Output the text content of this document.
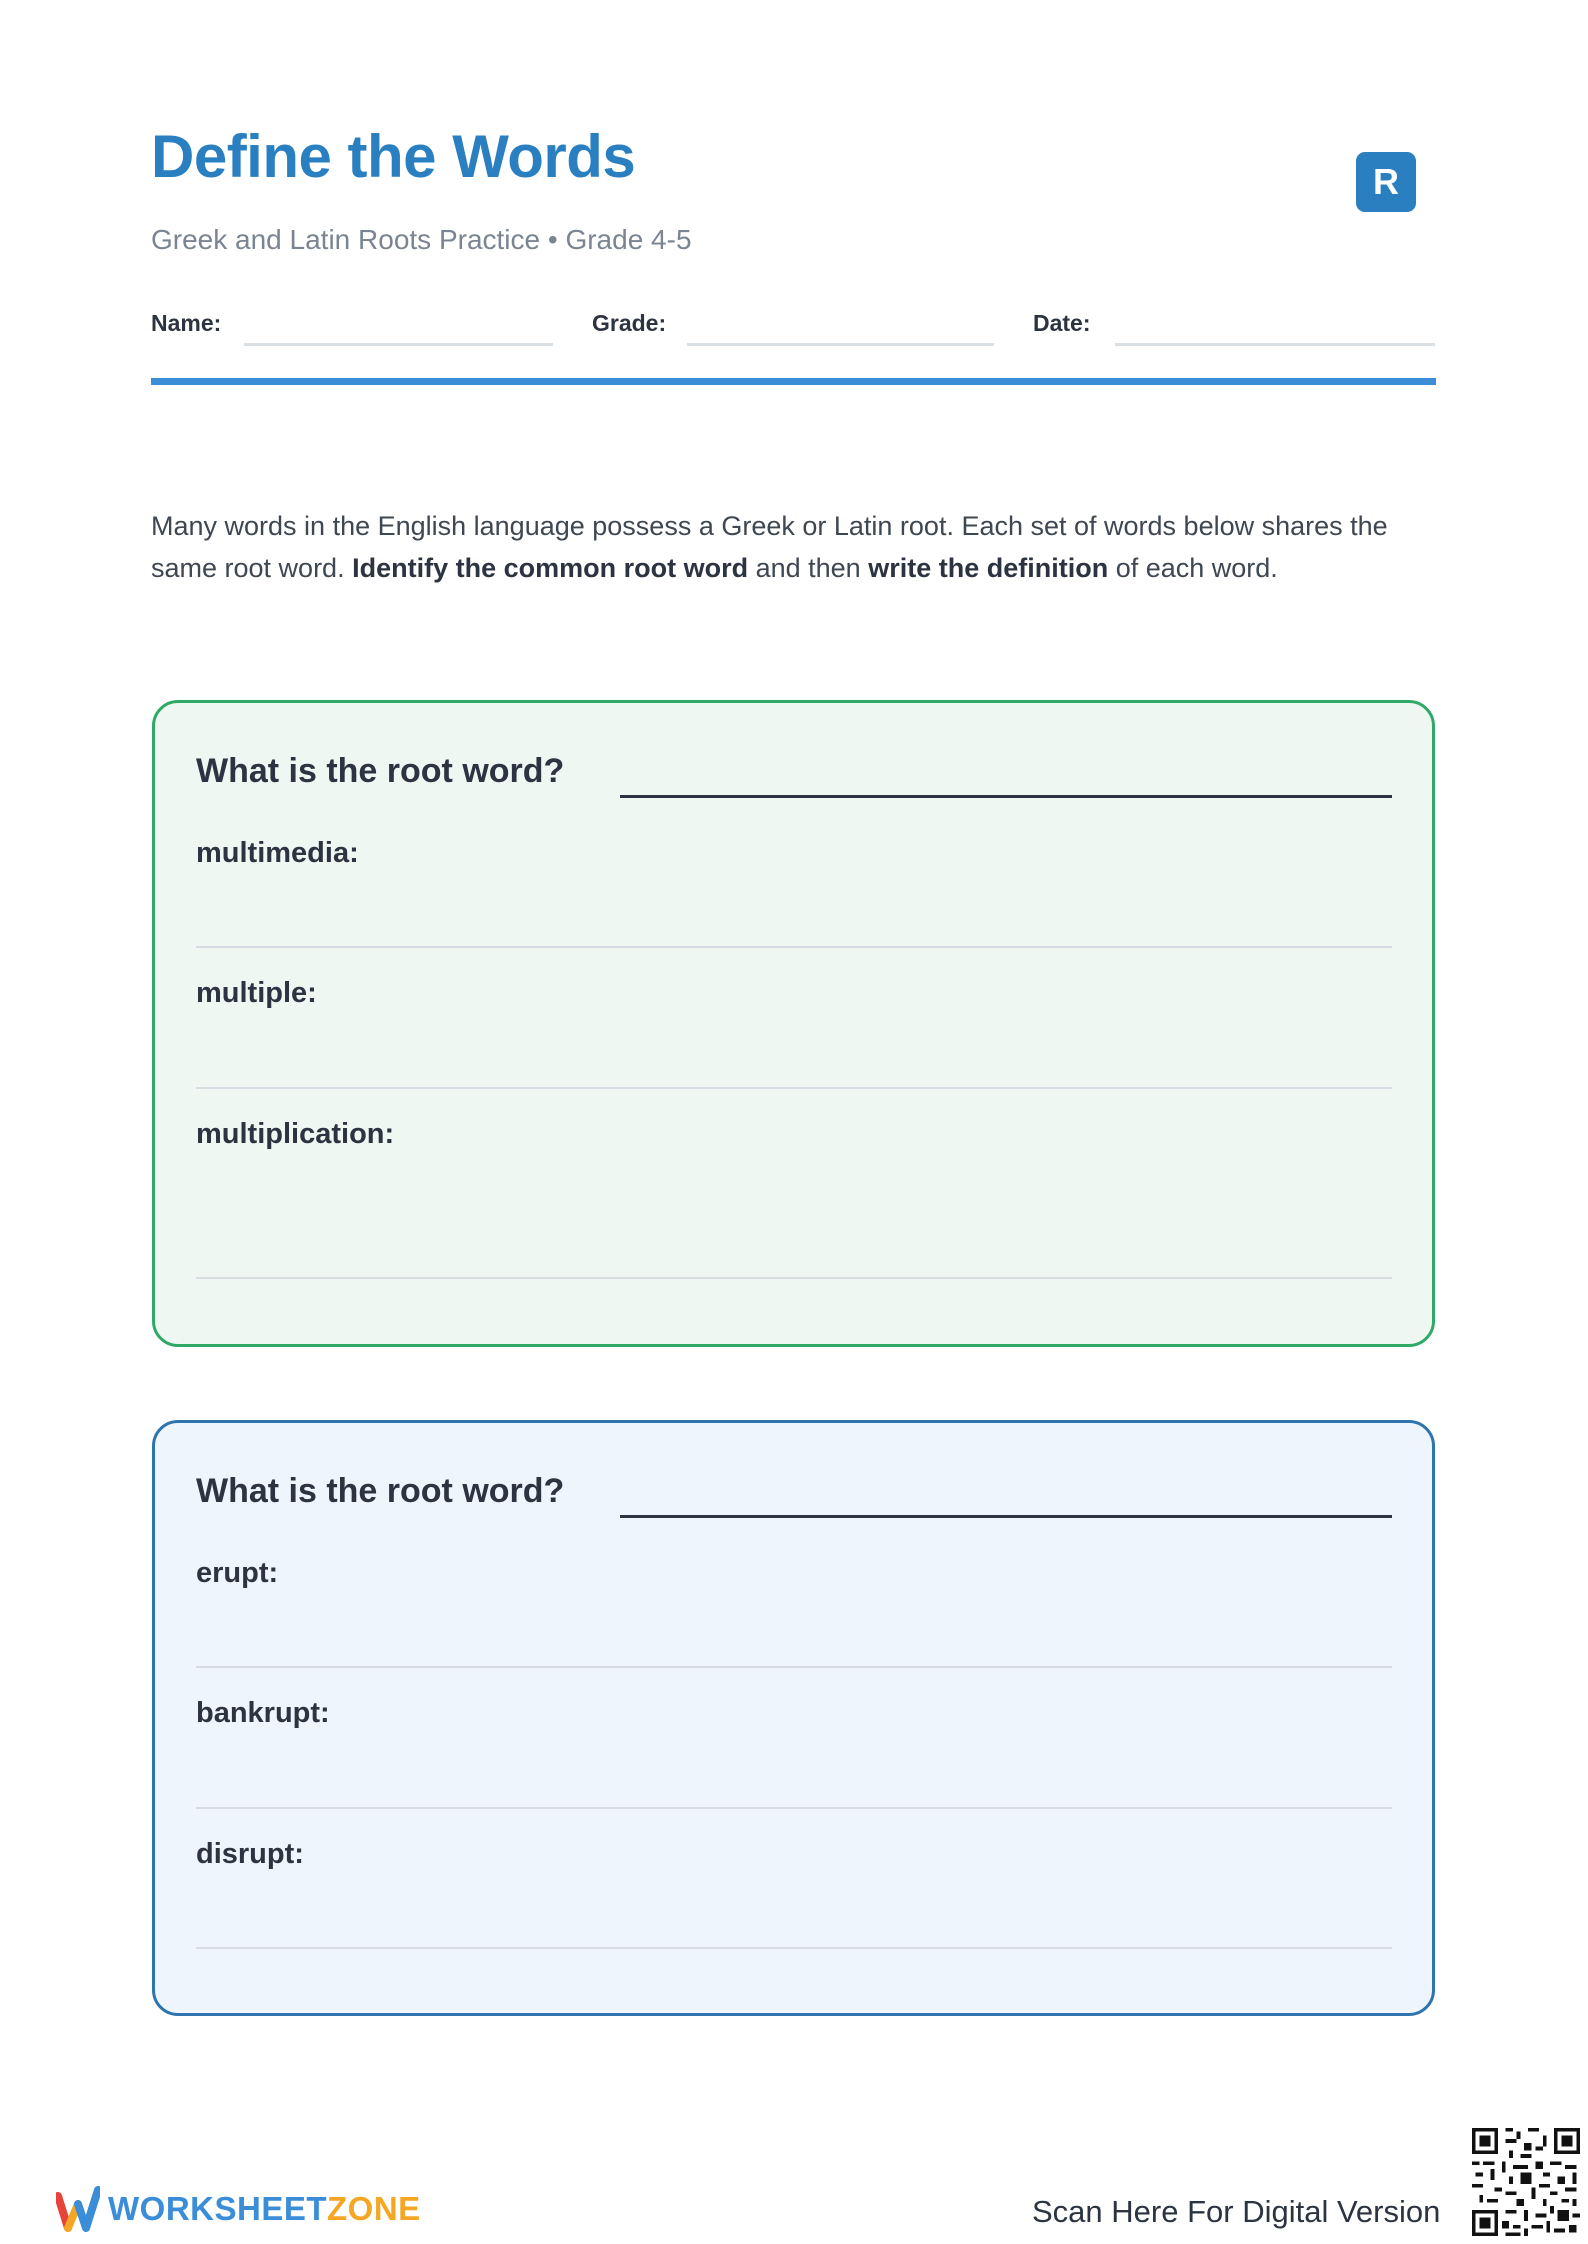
Define the Words
Greek and Latin Roots Practice • Grade 4-5
R
Name:	Grade:	Date:

Many words in the English language possess a Greek or Latin root. Each set of words below shares the same root word. Identify the common root word and then write the definition of each word.

What is the root word?
multimedia:
multiple:
multiplication:
What is the root word?
erupt:
bankrupt:
disrupt:
WORKSHEETZONE	Scan Here For Digital Version
